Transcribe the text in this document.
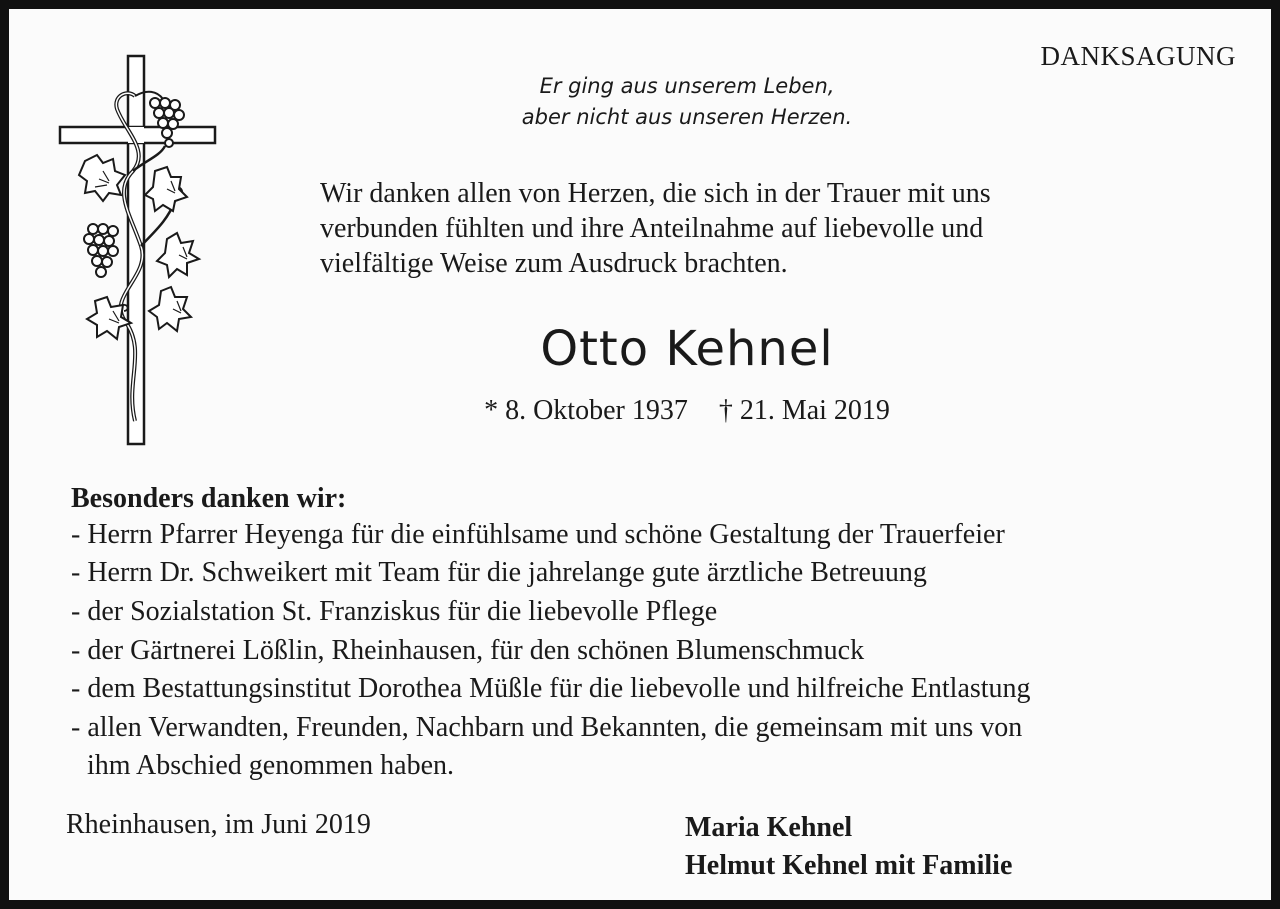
DANKSAGUNG
Er ging aus unserem Leben,
aber nicht aus unseren Herzen.
Wir danken allen von Herzen, die sich in der Trauer mit uns
verbunden fühlten und ihre Anteilnahme auf liebevolle und
vielfältige Weise zum Ausdruck brachten.
Otto Kehnel
* 8. Oktober 1937 † 21. Mai 2019
Besonders danken wir:
- Herrn Pfarrer Heyenga für die einfühlsame und schöne Gestaltung der Trauerfeier
- Herrn Dr. Schweikert mit Team für die jahrelange gute ärztliche Betreuung
- der Sozialstation St. Franziskus für die liebevolle Pflege
- der Gärtnerei Lößlin, Rheinhausen, für den schönen Blumenschmuck
- dem Bestattungsinstitut Dorothea Müßle für die liebevolle und hilfreiche Entlastung
- allen Verwandten, Freunden, Nachbarn und Bekannten, die gemeinsam mit uns von
ihm Abschied genommen haben.
Rheinhausen, im Juni 2019	Maria Kehnel
Helmut Kehnel mit Familie
